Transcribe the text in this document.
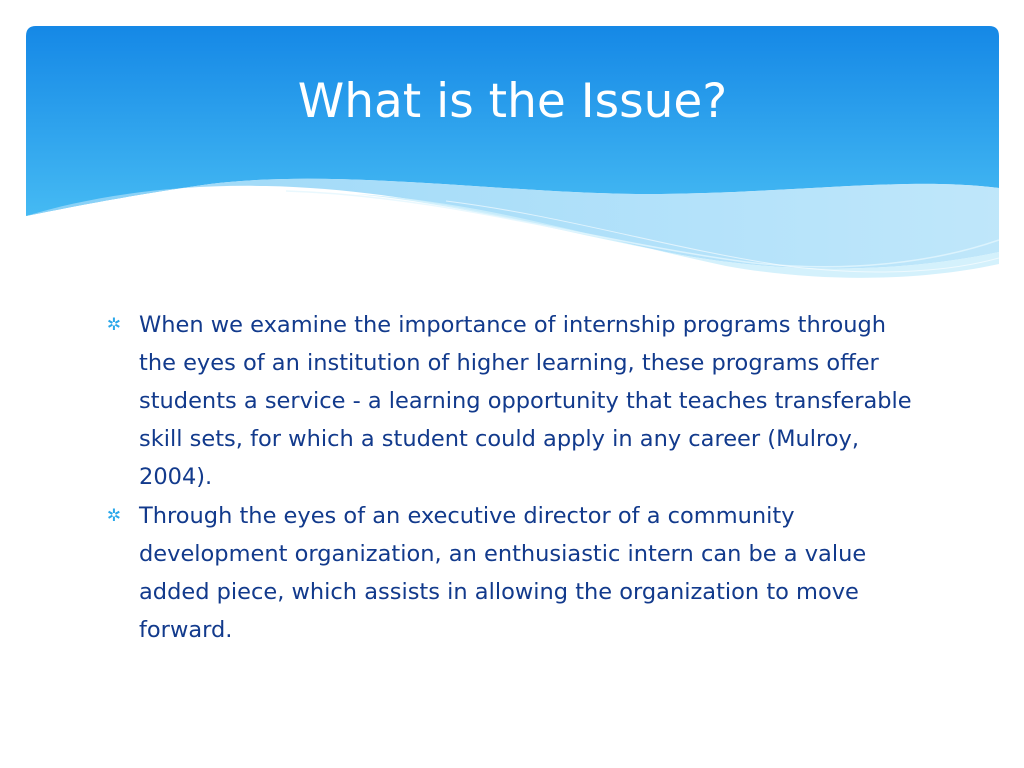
What is the Issue?
✲ When we examine the importance of internship programs through the eyes of an institution of higher learning, these programs offer students a service - a learning opportunity that teaches transferable skill sets, for which a student could apply in any career (Mulroy, 2004).
✲ Through the eyes of an executive director of a community development organization, an enthusiastic intern can be a value added piece, which assists in allowing the organization to move forward.
